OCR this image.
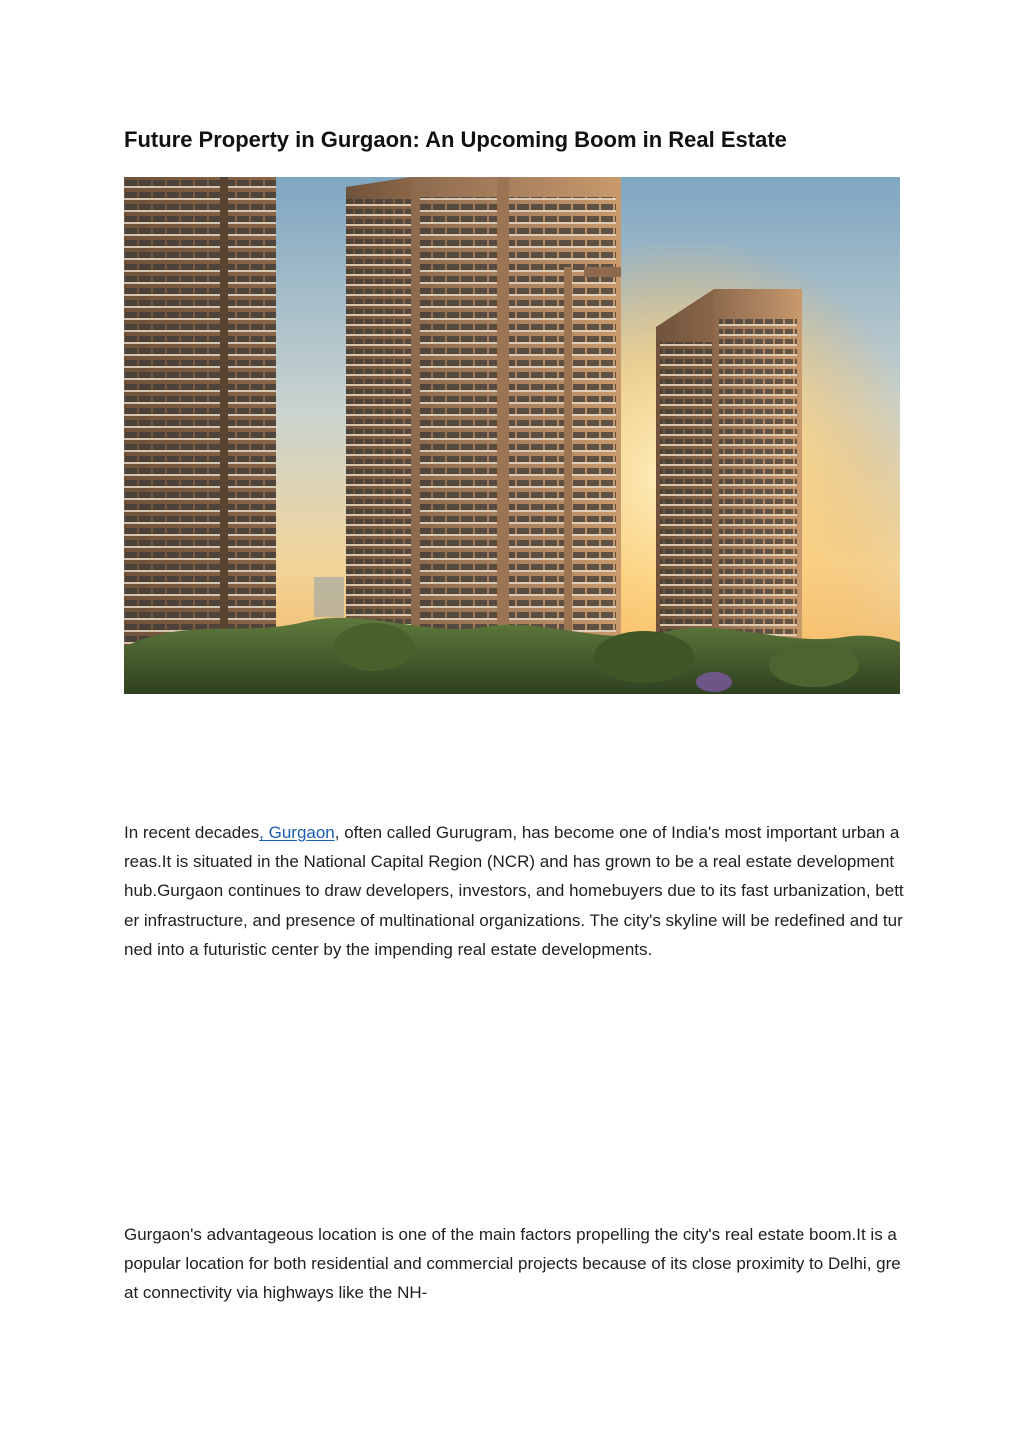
Future Property in Gurgaon: An Upcoming Boom in Real Estate

In recent decades, Gurgaon, often called Gurugram, has become one of India's most important urban areas.It is situated in the National Capital Region (NCR) and has grown to be a real estate development hub.Gurgaon continues to draw developers, investors, and homebuyers due to its fast urbanization, better infrastructure, and presence of multinational organizations. The city's skyline will be redefined and turned into a futuristic center by the impending real estate developments.

Gurgaon's advantageous location is one of the main factors propelling the city's real estate boom.It is a popular location for both residential and commercial projects because of its close proximity to Delhi, great connectivity via highways like the NH-
